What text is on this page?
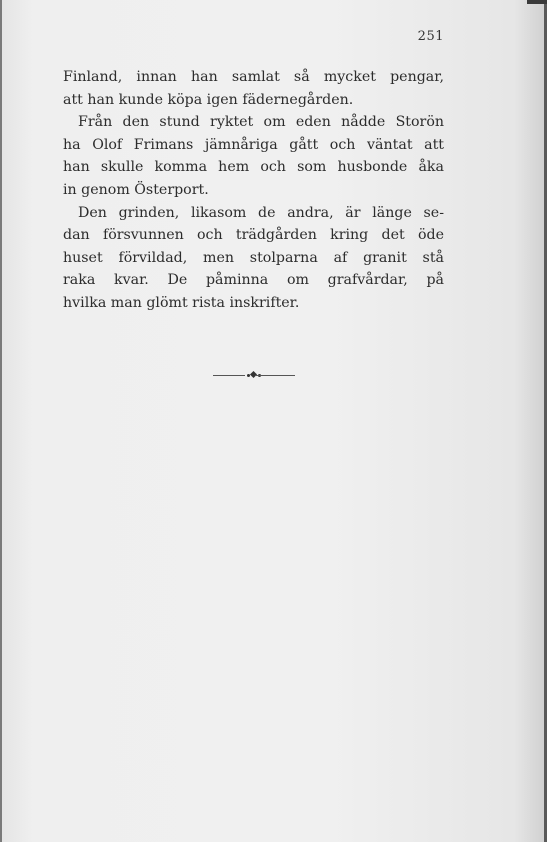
251
Finland, innan han samlat så mycket pengar,
att han kunde köpa igen fädernegården.
Från den stund ryktet om eden nådde Storön
ha Olof Frimans jämnåriga gått och väntat att
han skulle komma hem och som husbonde åka
in genom Österport.
Den grinden, likasom de andra, är länge se-
dan försvunnen och trädgården kring det öde
huset förvildad, men stolparna af granit stå
raka kvar. De påminna om grafvårdar, på
hvilka man glömt rista inskrifter.
